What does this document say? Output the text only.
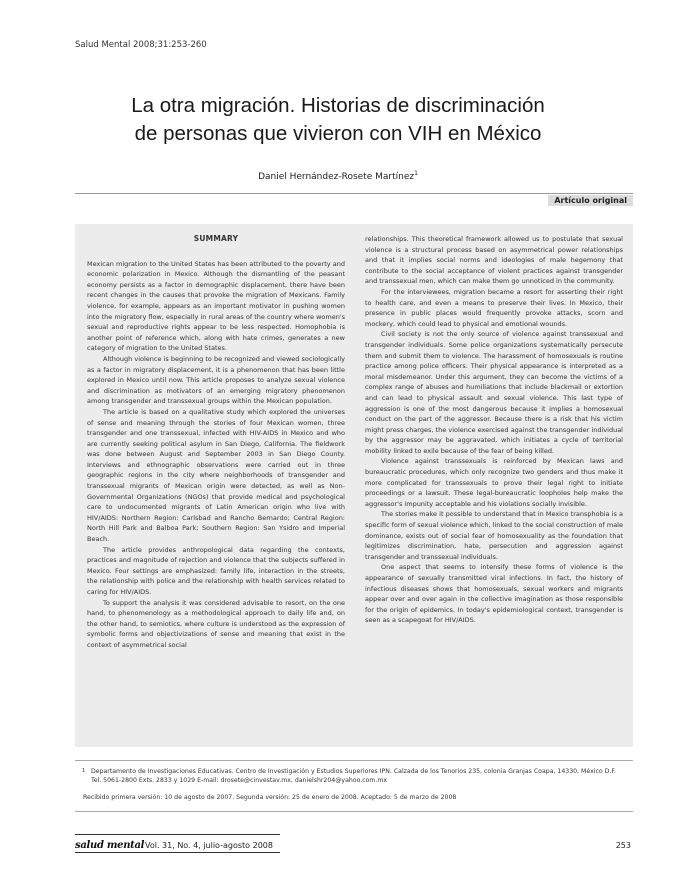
Salud Mental 2008;31:253-260
La otra migración. Historias de discriminación
de personas que vivieron con VIH en México
Daniel Hernández-Rosete Martínez$^1$
Artículo original
SUMMARY

Mexican migration to the United States has been attributed to the poverty and economic polarization in Mexico. Although the dismantling of the peasant economy persists as a factor in demographic displacement, there have been recent changes in the causes that provoke the migration of Mexicans. Family violence, for example, appears as an important motivator in pushing women into the migratory flow, especially in rural areas of the country where women's sexual and reproductive rights appear to be less respected. Homophobia is another point of reference which, along with hate crimes, generates a new category of migration to the United States.

Although violence is beginning to be recognized and viewed sociologically as a factor in migratory displacement, it is a phenomenon that has been little explored in Mexico until now. This article proposes to analyze sexual violence and discrimination as motivators of an emerging migratory phenomenon among transgender and transsexual groups within the Mexican population.

The article is based on a qualitative study which explored the universes of sense and meaning through the stories of four Mexican women, three transgender and one transsexual, infected with HIV-AIDS in Mexico and who are currently seeking political asylum in San Diego, California. The fieldwork was done between August and September 2003 in San Diego County. Interviews and ethnographic observations were carried out in three geographic regions in the city where neighborhoods of transgender and transsexual migrants of Mexican origin were detected, as well as Non-Governmental Organizations (NGOs) that provide medical and psychological care to undocumented migrants of Latin American origin who live with HIV/AIDS: Northern Region: Carlsbad and Rancho Bernardo; Central Region: North Hill Park and Balboa Park; Southern Region: San Ysidro and Imperial Beach.

The article provides anthropological data regarding the contexts, practices and magnitude of rejection and violence that the subjects suffered in Mexico. Four settings are emphasized: family life, interaction in the streets, the relationship with police and the relationship with health services related to caring for HIV/AIDS.

To support the analysis it was considered advisable to resort, on the one hand, to phenomenology as a methodological approach to daily life and, on the other hand, to semiotics, where culture is understood as the expression of symbolic forms and objectivizations of sense and meaning that exist in the context of asymmetrical social

relationships. This theoretical framework allowed us to postulate that sexual violence is a structural process based on asymmetrical power relationships and that it implies social norms and ideologies of male hegemony that contribute to the social acceptance of violent practices against transgender and transsexual men, which can make them go unnoticed in the community.

For the interviewees, migration became a resort for asserting their right to health care, and even a means to preserve their lives. In Mexico, their presence in public places would frequently provoke attacks, scorn and mockery, which could lead to physical and emotional wounds.

Civil society is not the only source of violence against transsexual and transgender individuals. Some police organizations systematically persecute them and submit them to violence. The harassment of homosexuals is routine practice among police officers. Their physical appearance is interpreted as a moral misdemeanor. Under this argument, they can become the victims of a complex range of abuses and humiliations that include blackmail or extortion and can lead to physical assault and sexual violence. This last type of aggression is one of the most dangerous because it implies a homosexual conduct on the part of the aggressor. Because there is a risk that his victim might press charges, the violence exercised against the transgender individual by the aggressor may be aggravated, which initiates a cycle of territorial mobility linked to exile because of the fear of being killed.

Violence against transsexuals is reinforced by Mexican laws and bureaucratic procedures, which only recognize two genders and thus make it more complicated for transsexuals to prove their legal right to initiate proceedings or a lawsuit. These legal-bureaucratic loopholes help make the aggressor's impunity acceptable and his violations socially invisible.

The stories make it possible to understand that in Mexico transphobia is a specific form of sexual violence which, linked to the social construction of male dominance, exists out of social fear of homosexuality as the foundation that legitimizes discrimination, hate, persecution and aggression against transgender and transsexual individuals.

One aspect that seems to intensify these forms of violence is the appearance of sexually transmitted viral infections. In fact, the history of infectious diseases shows that homosexuals, sexual workers and migrants appear over and over again in the collective imagination as those responsible for the origin of epidemics. In today's epidemiological context, transgender is seen as a scapegoat for HIV/AIDS.

1 Departamento de Investigaciones Educativas. Centro de Investigación y Estudios Superiores IPN. Calzada de los Tenorios 235, colonia Granjas Coapa, 14330, México D.F. Tel. 5061-2800 Exts. 2833 y 1029 E-mail: drosete@cinvestav.mx, danielshr204@yahoo.com.mx
Recibido primera versión: 10 de agosto de 2007. Segunda versión: 25 de enero de 2008. Aceptado: 5 de marzo de 2008
salud mental Vol. 31, No. 4, julio-agosto 2008	253
